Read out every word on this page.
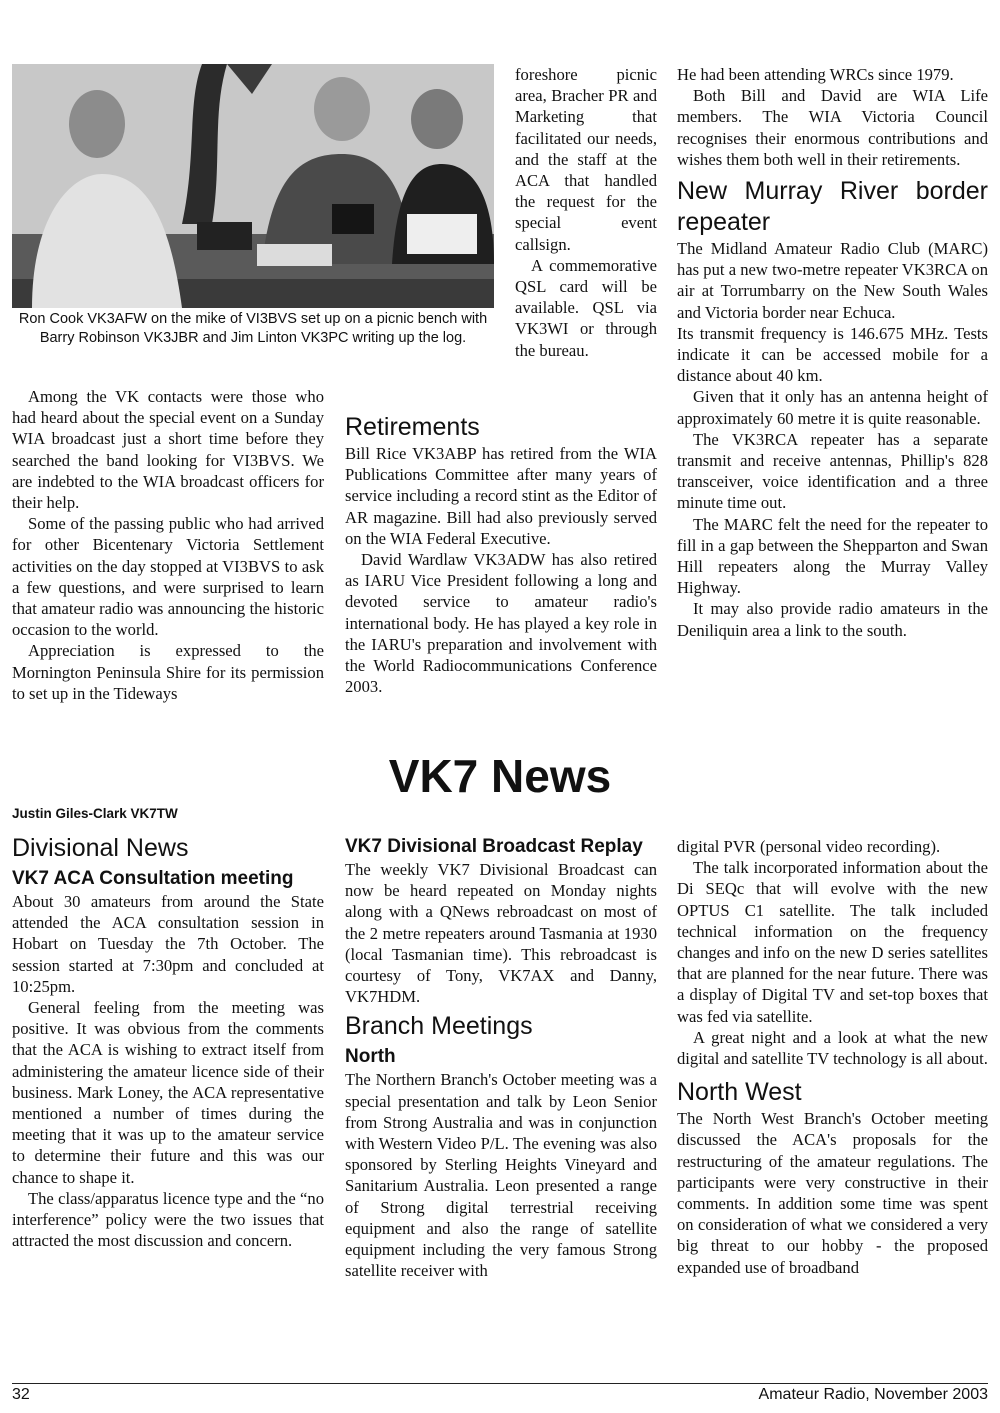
Ron Cook VK3AFW on the mike of VI3BVS set up on a picnic bench with Barry Robinson VK3JBR and Jim Linton VK3PC writing up the log.

Among the VK contacts were those who had heard about the special event on a Sunday WIA broadcast just a short time before they searched the band looking for VI3BVS. We are indebted to the WIA broadcast officers for their help.

Some of the passing public who had arrived for other Bicentenary Victoria Settlement activities on the day stopped at VI3BVS to ask a few questions, and were surprised to learn that amateur radio was announcing the historic occasion to the world.

Appreciation is expressed to the Mornington Peninsula Shire for its permission to set up in the Tideways

foreshore picnic area, Bracher PR and Marketing that facilitated our needs, and the staff at the ACA that handled the request for the special event callsign.

A commemorative QSL card will be available. QSL via VK3WI or through the bureau.

Retirements

Bill Rice VK3ABP has retired from the WIA Publications Committee after many years of service including a record stint as the Editor of AR magazine. Bill had also previously served on the WIA Federal Executive.

David Wardlaw VK3ADW has also retired as IARU Vice President following a long and devoted service to amateur radio's international body. He has played a key role in the IARU's preparation and involvement with the World Radiocommunications Conference 2003.

He had been attending WRCs since 1979.

Both Bill and David are WIA Life members. The WIA Victoria Council recognises their enormous contributions and wishes them both well in their retirements.

New Murray River border repeater

The Midland Amateur Radio Club (MARC) has put a new two-metre repeater VK3RCA on air at Torrumbarry on the New South Wales and Victoria border near Echuca.

Its transmit frequency is 146.675 MHz. Tests indicate it can be accessed mobile for a distance about 40 km.

Given that it only has an antenna height of approximately 60 metre it is quite reasonable.

The VK3RCA repeater has a separate transmit and receive antennas, Phillip's 828 transceiver, voice identification and a three minute time out.

The MARC felt the need for the repeater to fill in a gap between the Shepparton and Swan Hill repeaters along the Murray Valley Highway.

It may also provide radio amateurs in the Deniliquin area a link to the south.

VK7 News
Justin Giles-Clark VK7TW
Divisional News
VK7 ACA Consultation meeting

About 30 amateurs from around the State attended the ACA consultation session in Hobart on Tuesday the 7th October. The session started at 7:30pm and concluded at 10:25pm.

General feeling from the meeting was positive. It was obvious from the comments that the ACA is wishing to extract itself from administering the amateur licence side of their business. Mark Loney, the ACA representative mentioned a number of times during the meeting that it was up to the amateur service to determine their future and this was our chance to shape it.

The class/apparatus licence type and the “no interference” policy were the two issues that attracted the most discussion and concern.

VK7 Divisional Broadcast Replay

The weekly VK7 Divisional Broadcast can now be heard repeated on Monday nights along with a QNews rebroadcast on most of the 2 metre repeaters around Tasmania at 1930 (local Tasmanian time). This rebroadcast is courtesy of Tony, VK7AX and Danny, VK7HDM.

Branch Meetings
North

The Northern Branch's October meeting was a special presentation and talk by Leon Senior from Strong Australia and was in conjunction with Western Video P/L. The evening was also sponsored by Sterling Heights Vineyard and Sanitarium Australia. Leon presented a range of Strong digital terrestrial receiving equipment and also the range of satellite equipment including the very famous Strong satellite receiver with

digital PVR (personal video recording).

The talk incorporated information about the Di SEQc that will evolve with the new OPTUS C1 satellite. The talk included technical information on the frequency changes and info on the new D series satellites that are planned for the near future. There was a display of Digital TV and set-top boxes that was fed via satellite.

A great night and a look at what the new digital and satellite TV technology is all about.

North West

The North West Branch's October meeting discussed the ACA's proposals for the restructuring of the amateur regulations. The participants were very constructive in their comments. In addition some time was spent on consideration of what we considered a very big threat to our hobby - the proposed expanded use of broadband

32	Amateur Radio, November 2003
